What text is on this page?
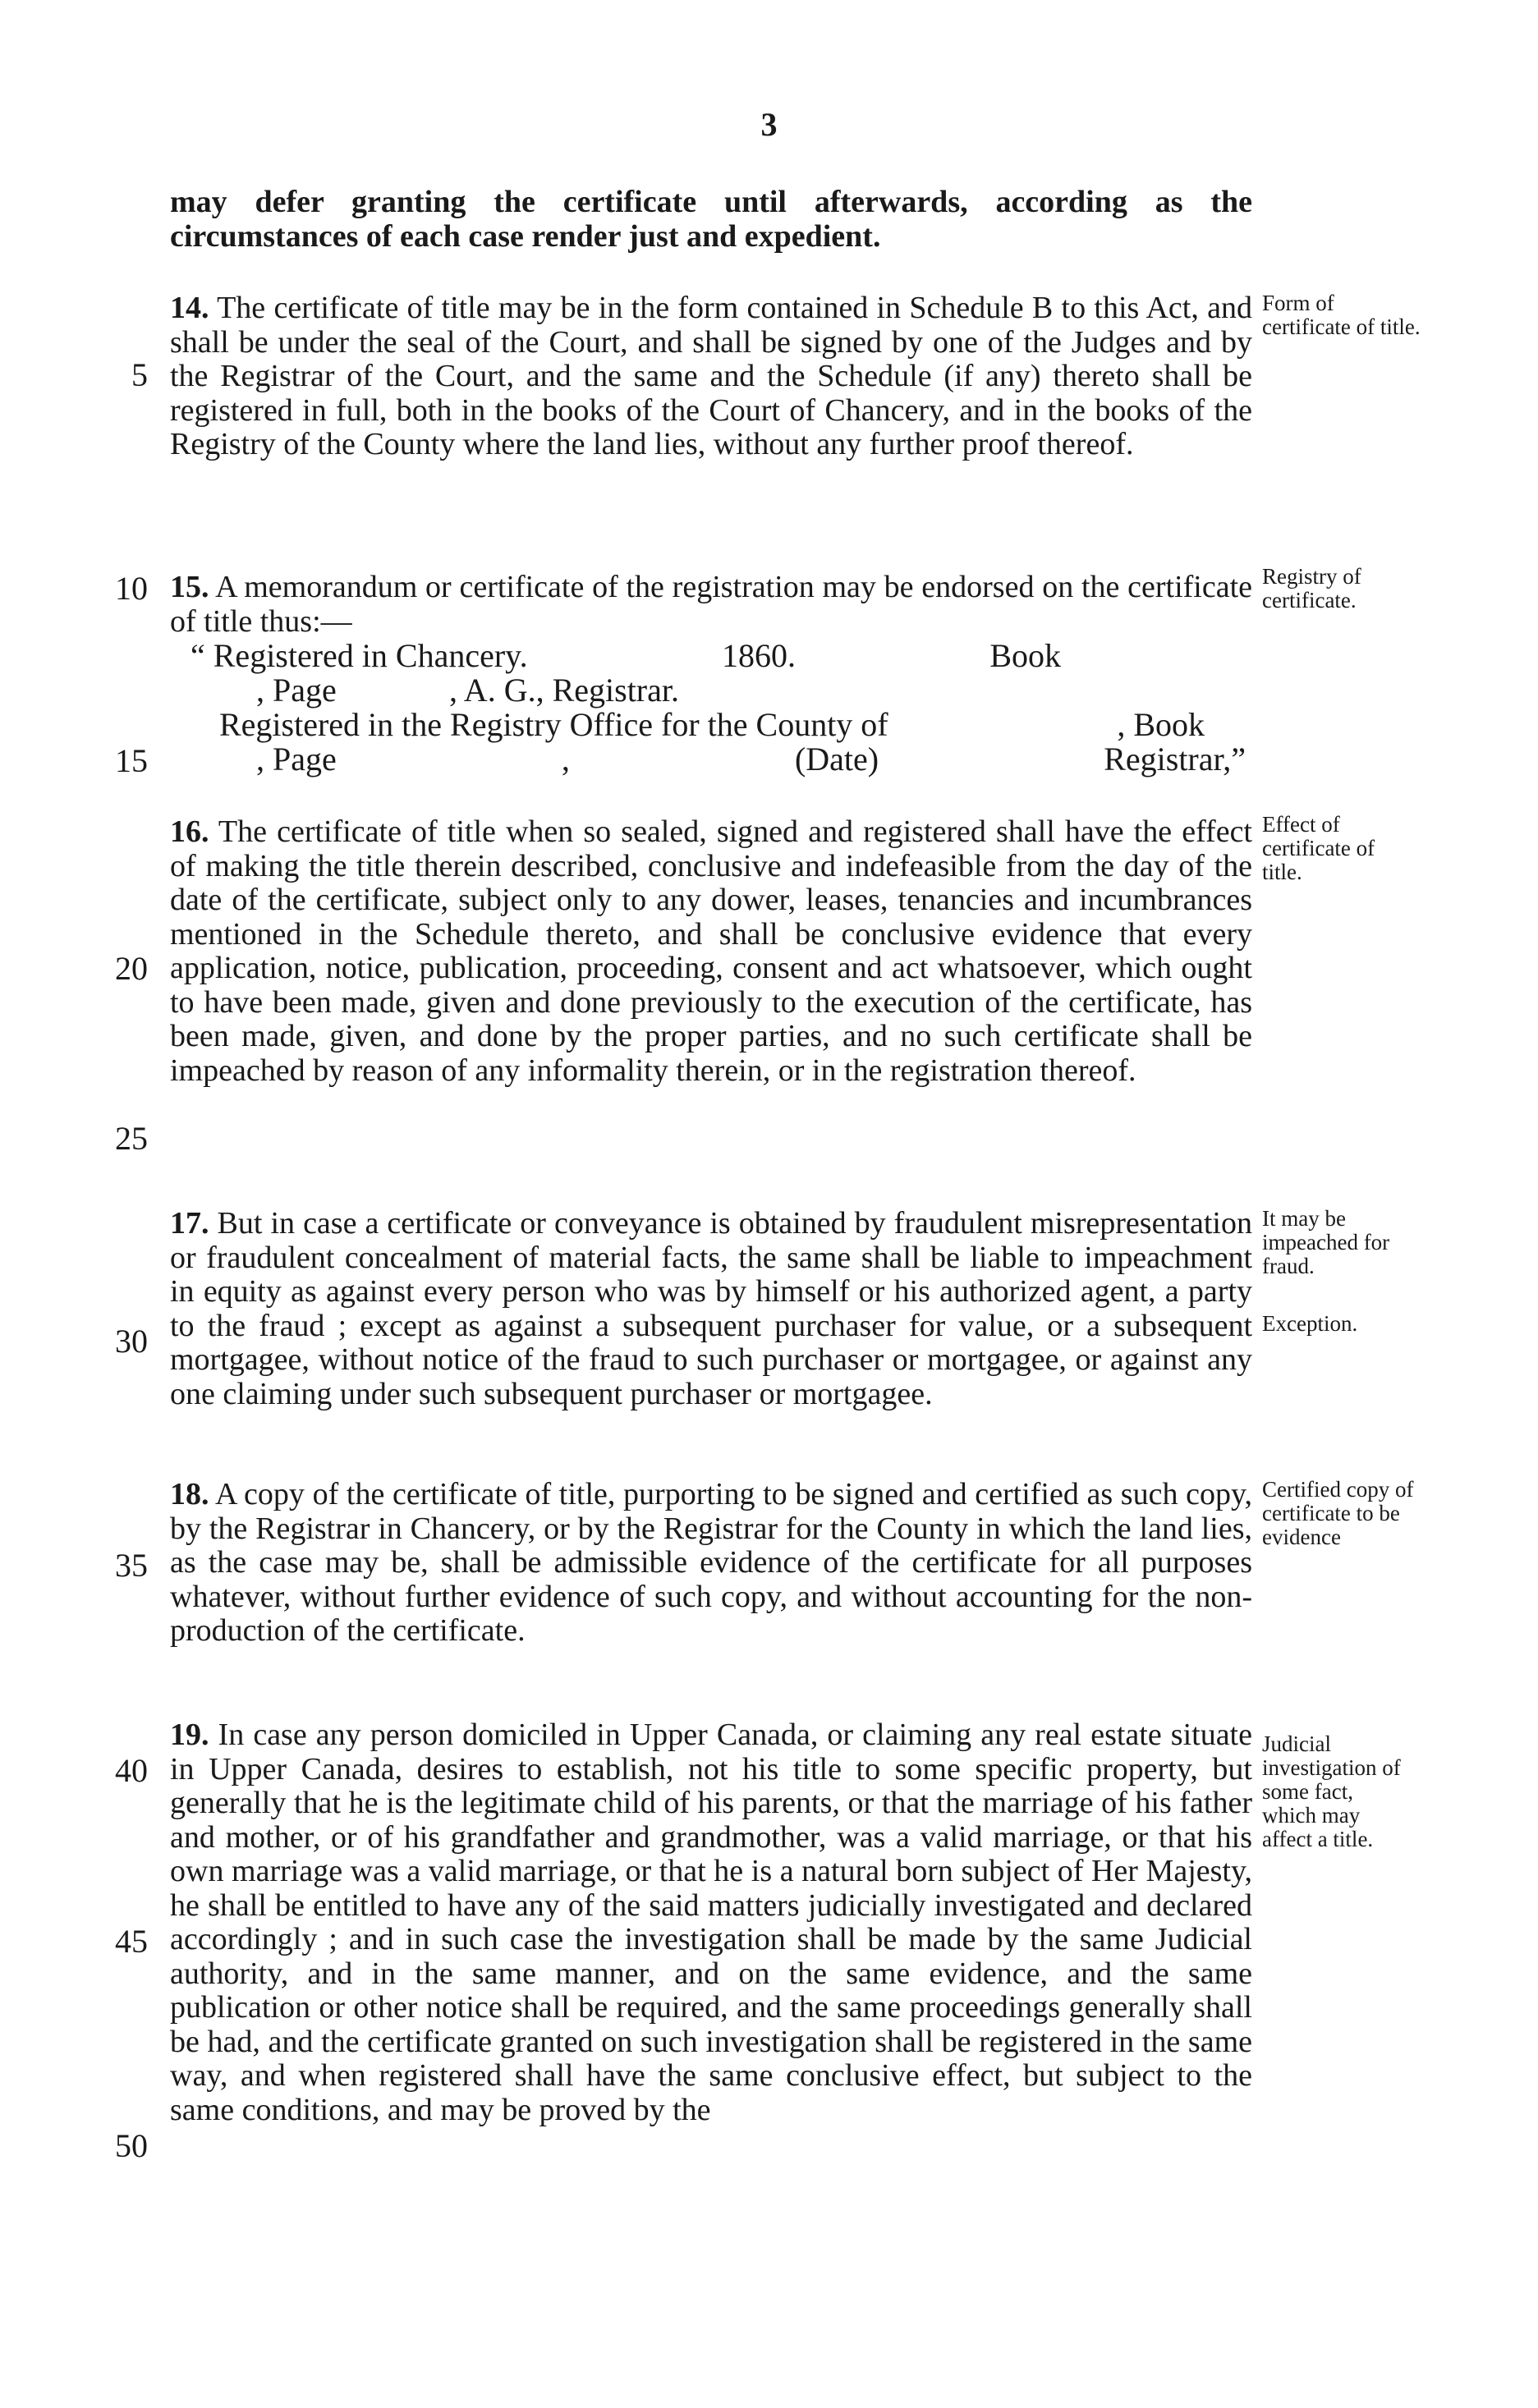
3
may defer granting the certificate until afterwards, according as the circumstances of each case render just and expedient.
14. The certificate of title may be in the form contained in Schedule B to this Act, and shall be under the seal of the Court, and shall be signed by one of the Judges and by the Registrar of the Court, and the same and the Schedule (if any) thereto shall be registered in full, both in the books of the Court of Chancery, and in the books of the Registry of the County where the land lies, without any further proof thereof.
15. A memorandum or certificate of the registration may be endorsed on the certificate of title thus:—
“ Registered in Chancery.	1860.	Book
, Page	, A. G., Registrar.
Registered in the Registry Office for the County of	, Book
, Page	,	(Date)	Registrar,”
16. The certificate of title when so sealed, signed and registered shall have the effect of making the title therein described, conclusive and indefeasible from the day of the date of the certificate, subject only to any dower, leases, tenancies and incumbrances mentioned in the Schedule thereto, and shall be conclusive evidence that every application, notice, publication, proceeding, consent and act whatsoever, which ought to have been made, given and done previously to the execution of the certificate, has been made, given, and done by the proper parties, and no such certificate shall be impeached by reason of any informality therein, or in the registration thereof.
17. But in case a certificate or conveyance is obtained by fraudulent misrepresentation or fraudulent concealment of material facts, the same shall be liable to impeachment in equity as against every person who was by himself or his authorized agent, a party to the fraud ; except as against a subsequent purchaser for value, or a subsequent mortgagee, without notice of the fraud to such purchaser or mortgagee, or against any one claiming under such subsequent purchaser or mortgagee.
18. A copy of the certificate of title, purporting to be signed and certified as such copy, by the Registrar in Chancery, or by the Registrar for the County in which the land lies, as the case may be, shall be admissible evidence of the certificate for all purposes whatever, without further evidence of such copy, and without accounting for the non-production of the certificate.
19. In case any person domiciled in Upper Canada, or claiming any real estate situate in Upper Canada, desires to establish, not his title to some specific property, but generally that he is the legitimate child of his parents, or that the marriage of his father and mother, or of his grandfather and grandmother, was a valid marriage, or that his own marriage was a valid marriage, or that he is a natural born subject of Her Majesty, he shall be entitled to have any of the said matters judicially investigated and declared accordingly ; and in such case the investigation shall be made by the same Judicial authority, and in the same manner, and on the same evidence, and the same publication or other notice shall be required, and the same proceedings generally shall be had, and the certificate granted on such investigation shall be registered in the same way, and when registered shall have the same conclusive effect, but subject to the same conditions, and may be proved by the
5
10
15
20
25
30
35
40
45
50
Form of certificate of title.
Registry of certificate.
Effect of certificate of title.
It may be impeached for fraud.
Exception.
Certified copy of certificate to be evidence
Judicial investigation of some fact, which may affect a title.
